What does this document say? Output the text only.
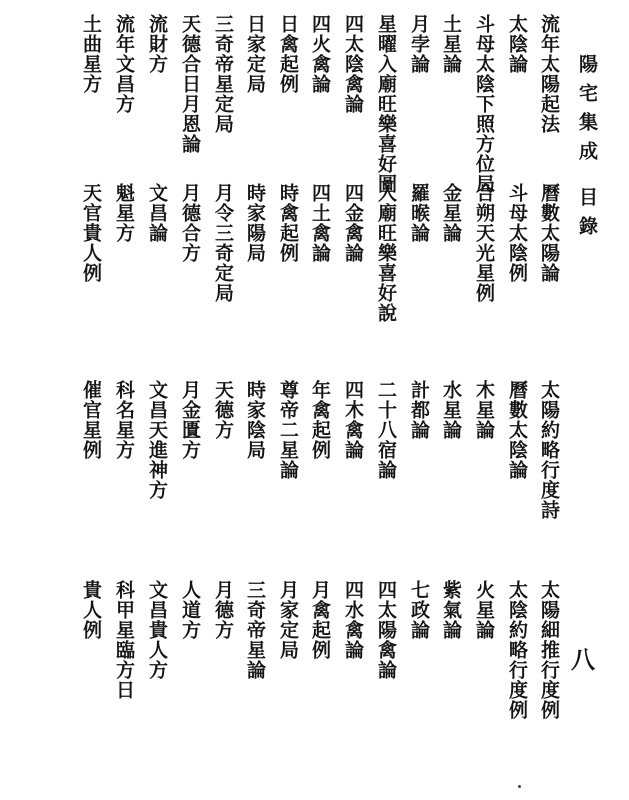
陽宅集成 目錄
八
流年太陽起法
曆數太陽論
太陽約略行度詩
太陽細推行度例
太陰論
斗母太陰例
曆數太陰論
太陰約略行度例
斗母太陰下照方位局
合朔天光星例
木星論
火星論
土星論
金星論
水星論
紫氣論
月孛論
羅㬋論
計都論
七政論
星曜入廟旺樂喜好圖
入廟旺樂喜好說
二十八宿論
四太陽禽論
四太陰禽論
四金禽論
四木禽論
四水禽論
四火禽論
四土禽論
年禽起例
月禽起例
日禽起例
時禽起例
尊帝二星論
月家定局
日家定局
時家陽局
時家陰局
三奇帝星論
三奇帝星定局
月令三奇定局
天德方
月德方
天德合日月恩論
月德合方
月金匱方
人道方
流財方
文昌論
文昌天進神方
文昌貴人方
流年文昌方
魁星方
科名星方
科甲星臨方日
土曲星方
天官貴人例
催官星例
貴人例
